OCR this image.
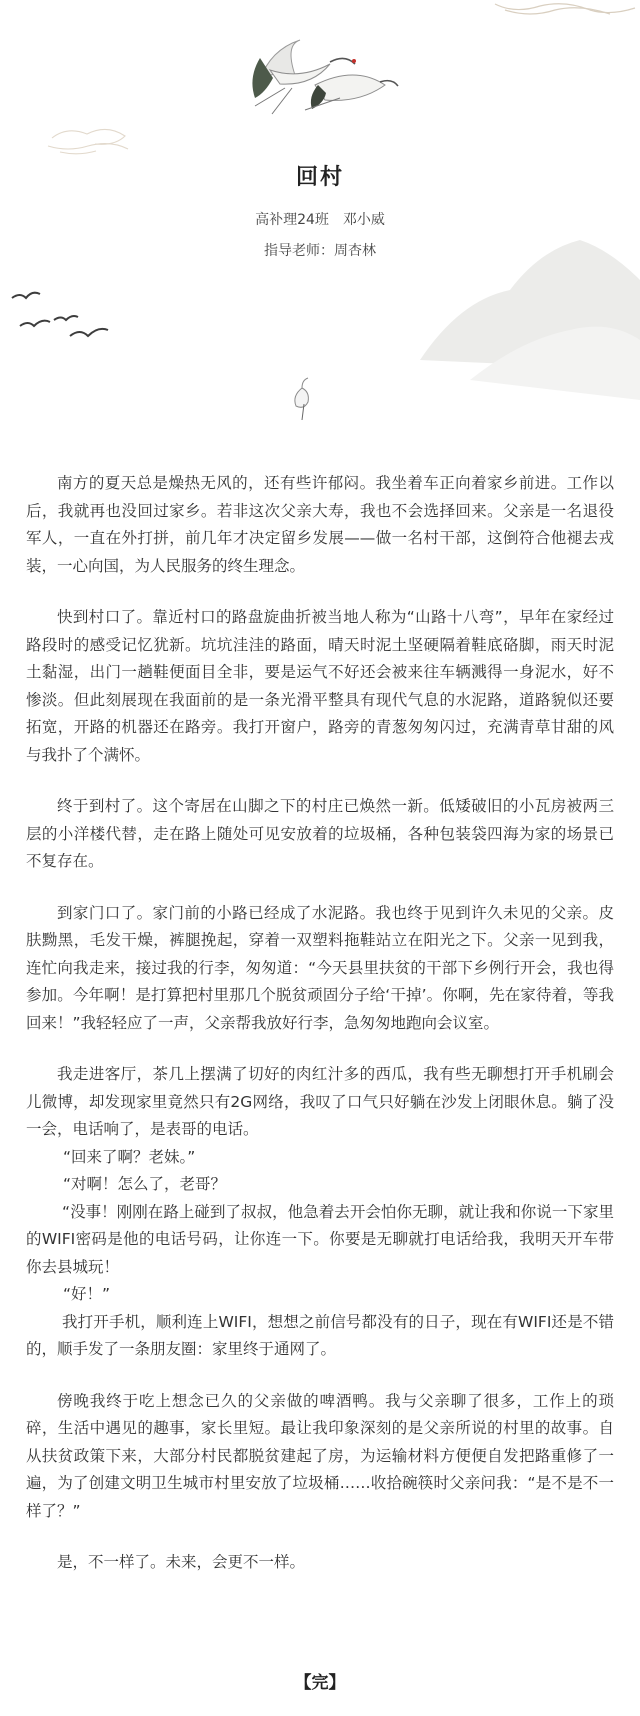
回村
高补理24班　邓小威
指导老师：周杏林

南方的夏天总是燥热无风的，还有些许郁闷。我坐着车正向着家乡前进。工作以后，我就再也没回过家乡。若非这次父亲大寿，我也不会选择回来。父亲是一名退役军人，一直在外打拼，前几年才决定留乡发展——做一名村干部，这倒符合他褪去戎装，一心向国，为人民服务的终生理念。

快到村口了。靠近村口的路盘旋曲折被当地人称为“山路十八弯”，早年在家经过路段时的感受记忆犹新。坑坑洼洼的路面，晴天时泥土坚硬隔着鞋底硌脚，雨天时泥土黏湿，出门一趟鞋便面目全非，要是运气不好还会被来往车辆溅得一身泥水，好不惨淡。但此刻展现在我面前的是一条光滑平整具有现代气息的水泥路，道路貌似还要拓宽，开路的机器还在路旁。我打开窗户，路旁的青葱匆匆闪过，充满青草甘甜的风与我扑了个满怀。

终于到村了。这个寄居在山脚之下的村庄已焕然一新。低矮破旧的小瓦房被两三层的小洋楼代替，走在路上随处可见安放着的垃圾桶，各种包装袋四海为家的场景已不复存在。

到家门口了。家门前的小路已经成了水泥路。我也终于见到许久未见的父亲。皮肤黝黑，毛发干燥，裤腿挽起，穿着一双塑料拖鞋站立在阳光之下。父亲一见到我，连忙向我走来，接过我的行李，匆匆道：“今天县里扶贫的干部下乡例行开会，我也得参加。今年啊！是打算把村里那几个脱贫顽固分子给‘干掉’。你啊，先在家待着，等我回来！”我轻轻应了一声，父亲帮我放好行李，急匆匆地跑向会议室。

我走进客厅，茶几上摆满了切好的肉红汁多的西瓜，我有些无聊想打开手机刷会儿微博，却发现家里竟然只有2G网络，我叹了口气只好躺在沙发上闭眼休息。躺了没一会，电话响了，是表哥的电话。

“回来了啊？老妹。”

“对啊！怎么了，老哥？

“没事！刚刚在路上碰到了叔叔，他急着去开会怕你无聊，就让我和你说一下家里的WIFI密码是他的电话号码，让你连一下。你要是无聊就打电话给我，我明天开车带你去县城玩！

“好！”

我打开手机，顺利连上WIFI，想想之前信号都没有的日子，现在有WIFI还是不错的，顺手发了一条朋友圈：家里终于通网了。

傍晚我终于吃上想念已久的父亲做的啤酒鸭。我与父亲聊了很多，工作上的琐碎，生活中遇见的趣事，家长里短。最让我印象深刻的是父亲所说的村里的故事。自从扶贫政策下来，大部分村民都脱贫建起了房，为运输材料方便便自发把路重修了一遍，为了创建文明卫生城市村里安放了垃圾桶……收拾碗筷时父亲问我：“是不是不一样了？”

是，不一样了。未来，会更不一样。

【完】
